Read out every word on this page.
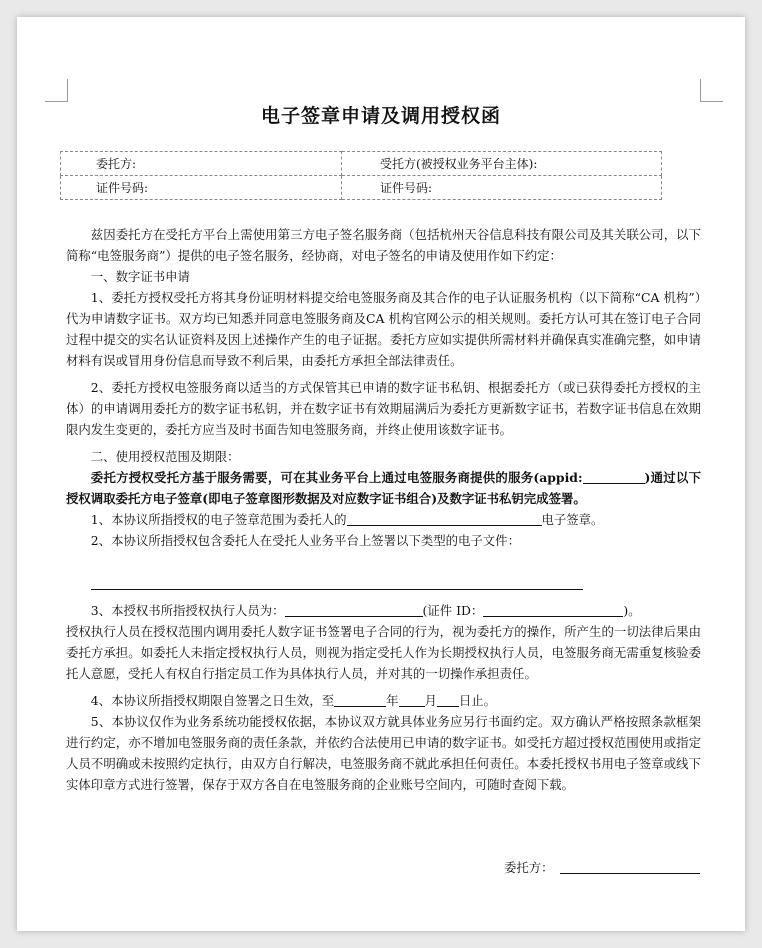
电子签章申请及调用授权函
委托方:	受托方(被授权业务平台主体):
证件号码:	证件号码:

兹因委托方在受托方平台上需使用第三方电子签名服务商（包括杭州天谷信息科技有限公司及其关联公司，以下简称“电签服务商”）提供的电子签名服务，经协商，对电子签名的申请及使用作如下约定：

一、数字证书申请

1、委托方授权受托方将其身份证明材料提交给电签服务商及其合作的电子认证服务机构（以下简称“CA 机构”）代为申请数字证书。双方均已知悉并同意电签服务商及CA 机构官网公示的相关规则。委托方认可其在签订电子合同过程中提交的实名认证资料及因上述操作产生的电子证据。委托方应如实提供所需材料并确保真实准确完整，如申请材料有误或冒用身份信息而导致不利后果，由委托方承担全部法律责任。

2、委托方授权电签服务商以适当的方式保管其已申请的数字证书私钥、根据委托方（或已获得委托方授权的主体）的申请调用委托方的数字证书私钥，并在数字证书有效期届满后为委托方更新数字证书，若数字证书信息在效期限内发生变更的，委托方应当及时书面告知电签服务商，并终止使用该数字证书。

二、使用授权范围及期限：

委托方授权受托方基于服务需要，可在其业务平台上通过电签服务商提供的服务(appid:	)通过以下授权调取委托方电子签章(即电子签章图形数据及对应数字证书组合)及数字证书私钥完成签署。

1、本协议所指授权的电子签章范围为委托人的	电子签章。

2、本协议所指授权包含委托人在受托人业务平台上签署以下类型的电子文件：

3、本授权书所指授权执行人员为：	(证件 ID：	)。

授权执行人员在授权范围内调用委托人数字证书签署电子合同的行为，视为委托方的操作，所产生的一切法律后果由委托方承担。如委托人未指定授权执行人员，则视为指定受托人作为长期授权执行人员，电签服务商无需重复核验委托人意愿，受托人有权自行指定员工作为具体执行人员，并对其的一切操作承担责任。

4、本协议所指授权期限自签署之日生效，至	年 月 日止。

5、本协议仅作为业务系统功能授权依据，本协议双方就具体业务应另行书面约定。双方确认严格按照条款框架进行约定，亦不增加电签服务商的责任条款，并依约合法使用已申请的数字证书。如受托方超过授权范围使用或指定人员不明确或未按照约定执行，由双方自行解决，电签服务商不就此承担任何责任。本委托授权书用电子签章或线下实体印章方式进行签署，保存于双方各自在电签服务商的企业账号空间内，可随时查阅下载。

委托方：
